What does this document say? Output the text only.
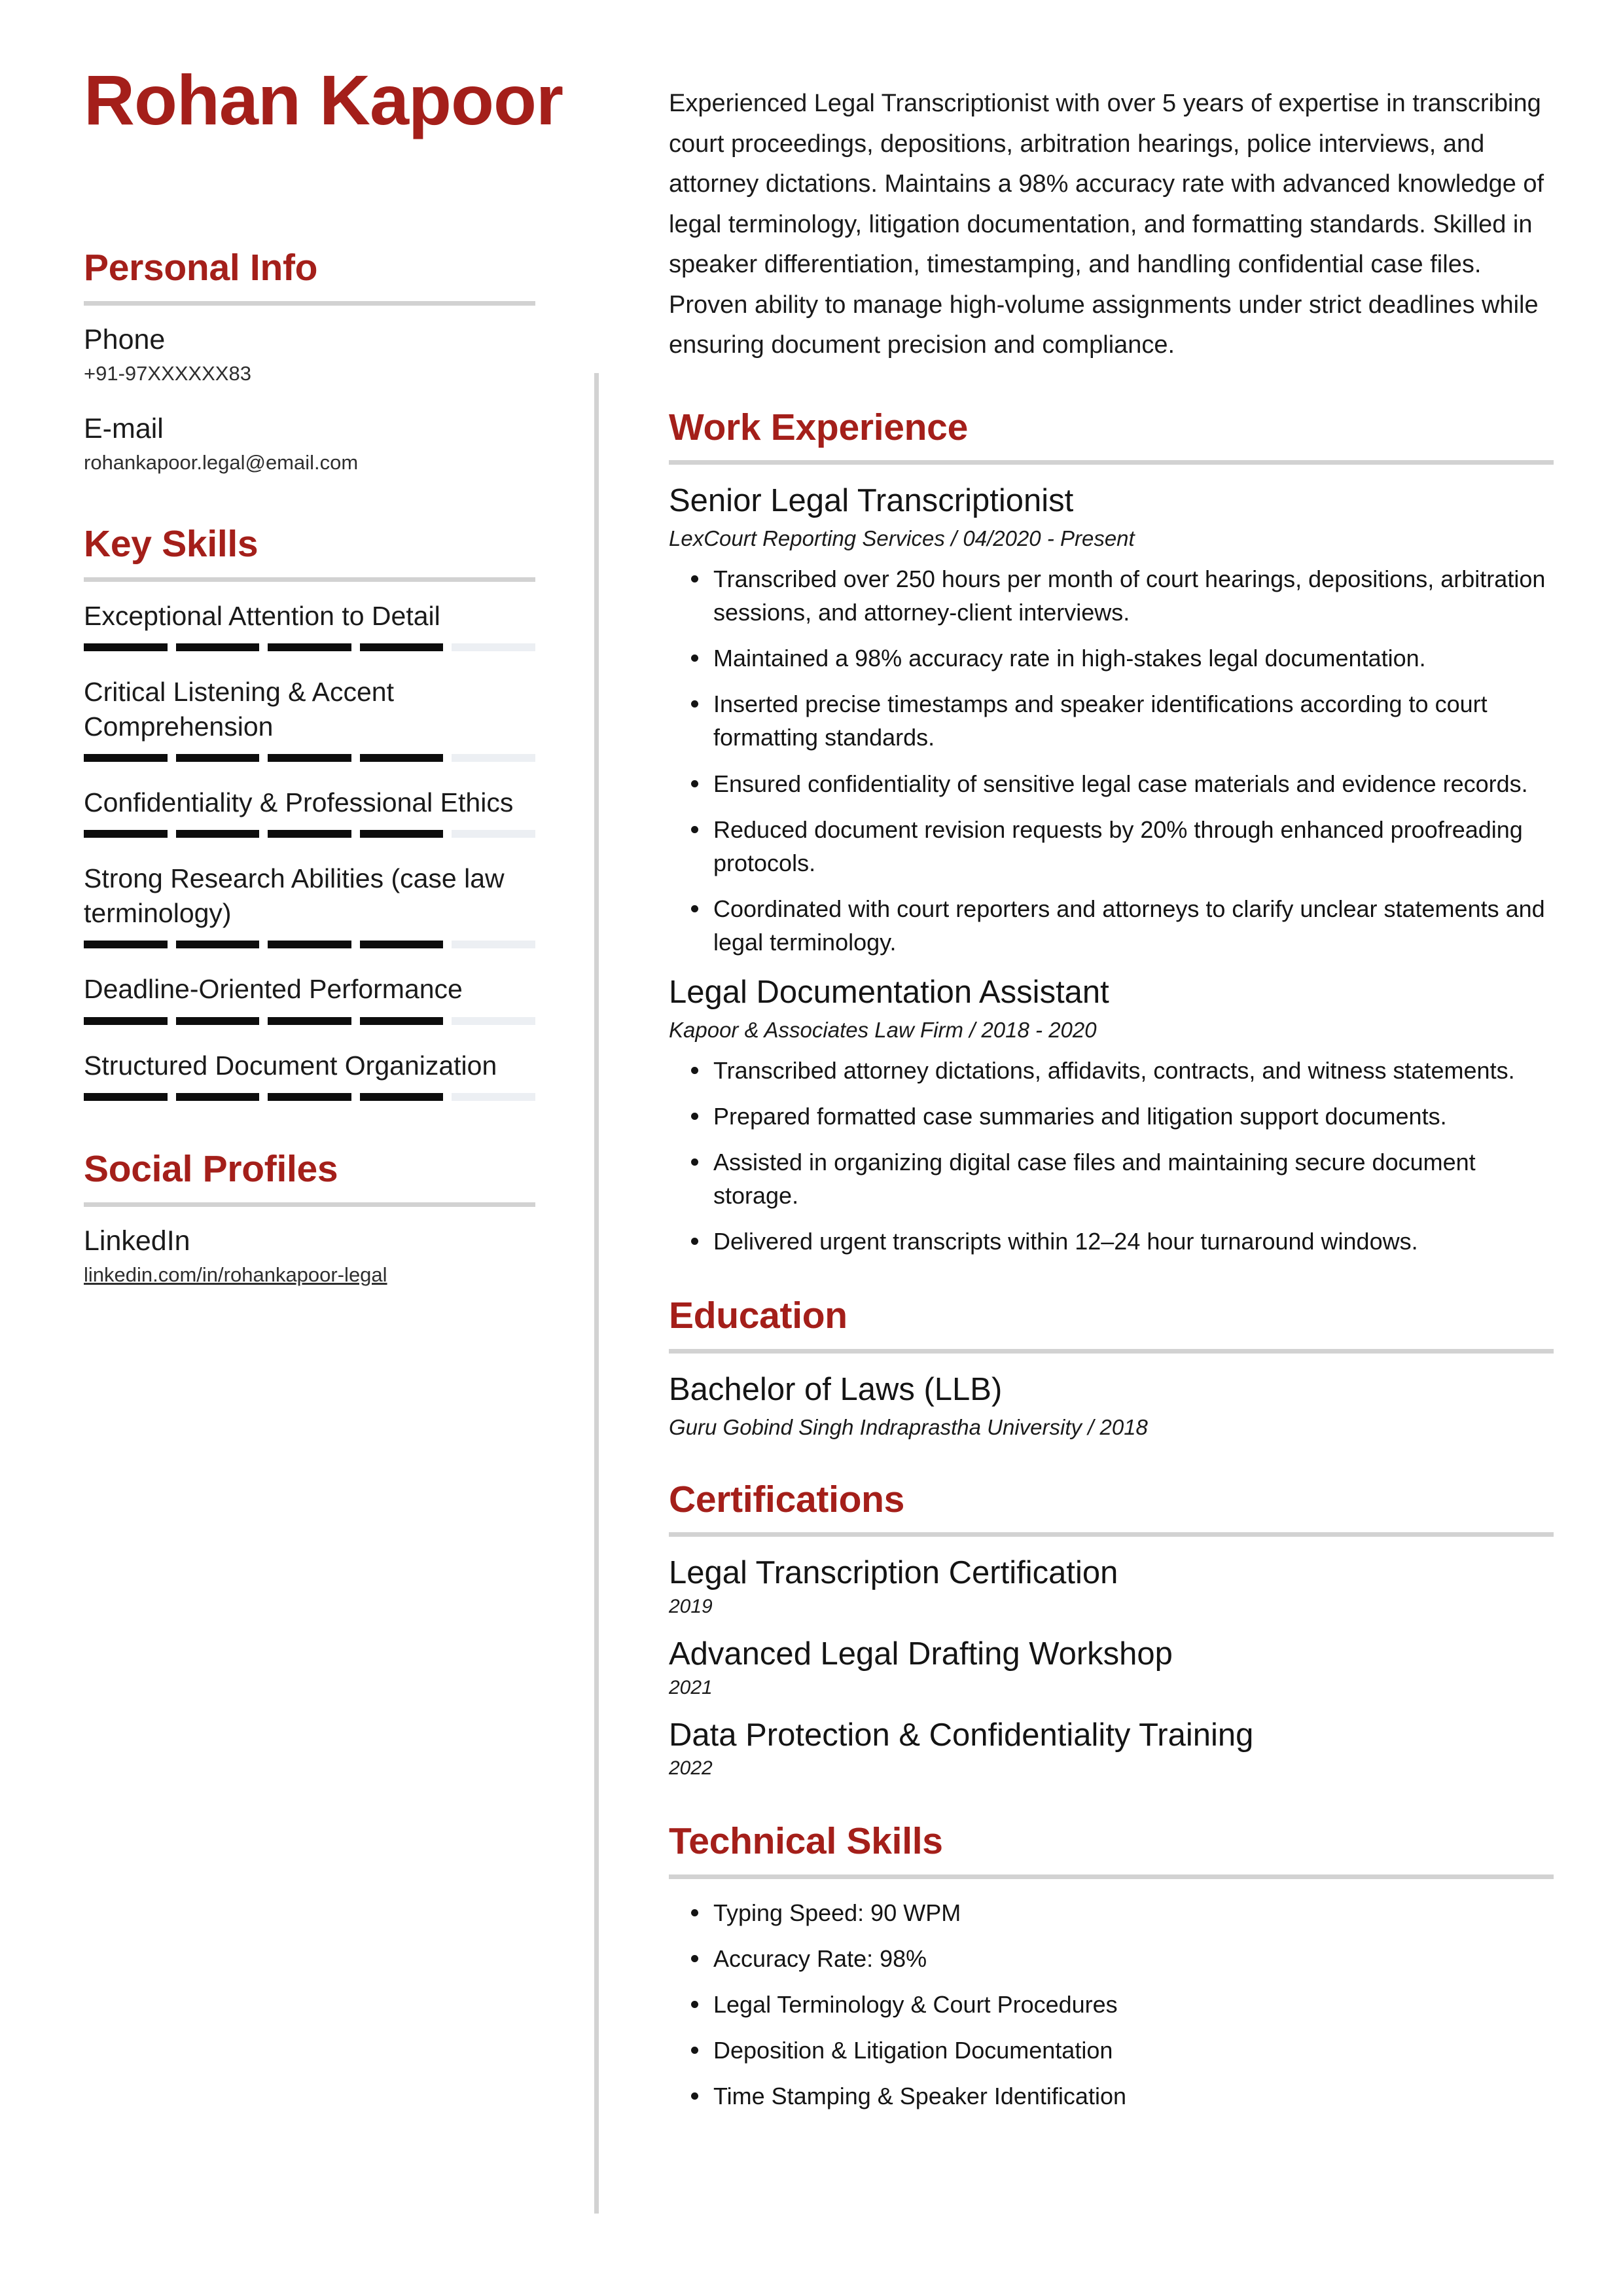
Rohan Kapoor
Personal Info
Phone
+91-97XXXXXX83
E-mail
rohankapoor.legal@email.com
Key Skills
Exceptional Attention to Detail
Critical Listening & Accent Comprehension
Confidentiality & Professional Ethics
Strong Research Abilities (case law terminology)
Deadline-Oriented Performance
Structured Document Organization
Social Profiles
LinkedIn
linkedin.com/in/rohankapoor-legal

Experienced Legal Transcriptionist with over 5 years of expertise in transcribing court proceedings, depositions, arbitration hearings, police interviews, and attorney dictations. Maintains a 98% accuracy rate with advanced knowledge of legal terminology, litigation documentation, and formatting standards. Skilled in speaker differentiation, timestamping, and handling confidential case files. Proven ability to manage high-volume assignments under strict deadlines while ensuring document precision and compliance.

Work Experience
Senior Legal Transcriptionist
LexCourt Reporting Services / 04/2020 - Present
Transcribed over 250 hours per month of court hearings, depositions, arbitration sessions, and attorney-client interviews.
Maintained a 98% accuracy rate in high-stakes legal documentation.
Inserted precise timestamps and speaker identifications according to court formatting standards.
Ensured confidentiality of sensitive legal case materials and evidence records.
Reduced document revision requests by 20% through enhanced proofreading protocols.
Coordinated with court reporters and attorneys to clarify unclear statements and legal terminology.
Legal Documentation Assistant
Kapoor & Associates Law Firm / 2018 - 2020
Transcribed attorney dictations, affidavits, contracts, and witness statements.
Prepared formatted case summaries and litigation support documents.
Assisted in organizing digital case files and maintaining secure document storage.
Delivered urgent transcripts within 12–24 hour turnaround windows.
Education
Bachelor of Laws (LLB)
Guru Gobind Singh Indraprastha University / 2018
Certifications
Legal Transcription Certification
2019
Advanced Legal Drafting Workshop
2021
Data Protection & Confidentiality Training
2022
Technical Skills
Typing Speed: 90 WPM
Accuracy Rate: 98%
Legal Terminology & Court Procedures
Deposition & Litigation Documentation
Time Stamping & Speaker Identification
